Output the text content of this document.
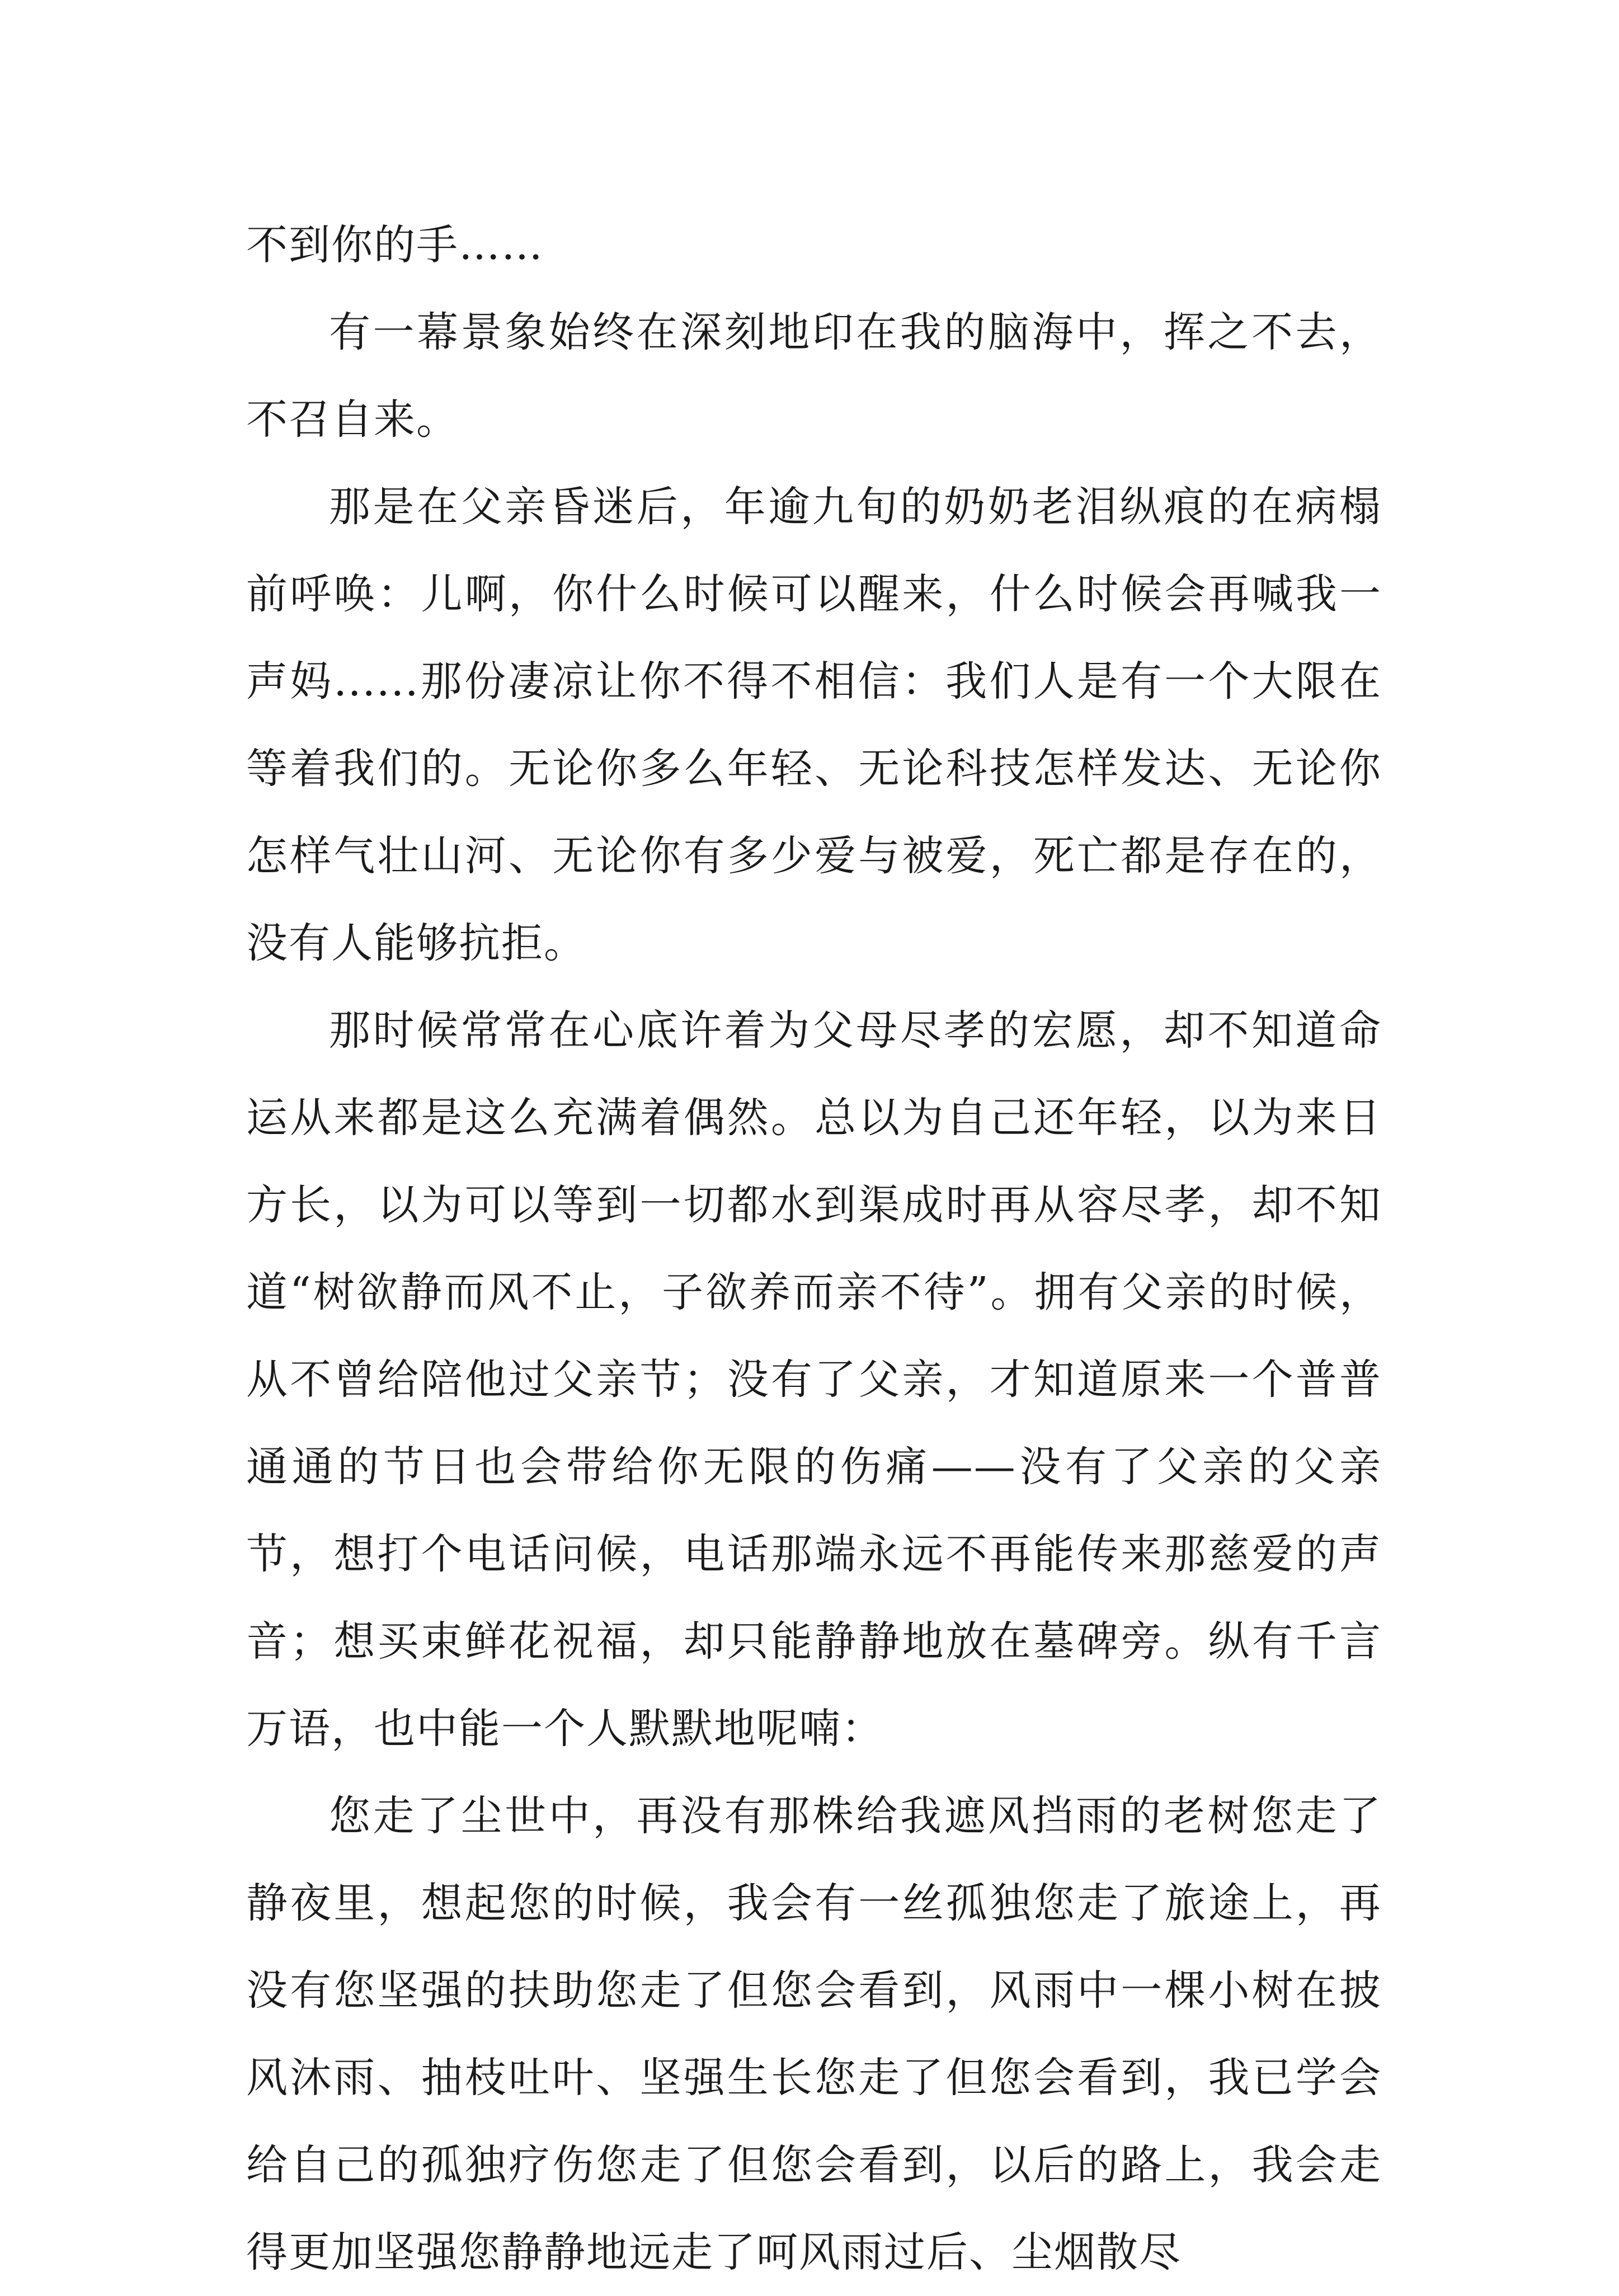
不到你的手……

有一幕景象始终在深刻地印在我的脑海中，挥之不去，不召自来。

那是在父亲昏迷后，年逾九旬的奶奶老泪纵痕的在病榻前呼唤：儿啊，你什么时候可以醒来，什么时候会再喊我一声妈......那份凄凉让你不得不相信：我们人是有一个大限在等着我们的。无论你多么年轻、无论科技怎样发达、无论你怎样气壮山河、无论你有多少爱与被爱，死亡都是存在的，没有人能够抗拒。

那时候常常在心底许着为父母尽孝的宏愿，却不知道命运从来都是这么充满着偶然。总以为自己还年轻，以为来日方长，以为可以等到一切都水到渠成时再从容尽孝，却不知道“树欲静而风不止，子欲养而亲不待”。拥有父亲的时候，从不曾给陪他过父亲节；没有了父亲，才知道原来一个普普通通的节日也会带给你无限的伤痛——没有了父亲的父亲节，想打个电话问候，电话那端永远不再能传来那慈爱的声音；想买束鲜花祝福，却只能静静地放在墓碑旁。纵有千言万语，也中能一个人默默地呢喃：

您走了尘世中，再没有那株给我遮风挡雨的老树您走了静夜里，想起您的时候，我会有一丝孤独您走了旅途上，再没有您坚强的扶助您走了但您会看到，风雨中一棵小树在披风沐雨、抽枝吐叶、坚强生长您走了但您会看到，我已学会给自己的孤独疗伤您走了但您会看到，以后的路上，我会走得更加坚强您静静地远走了呵风雨过后、尘烟散尽
